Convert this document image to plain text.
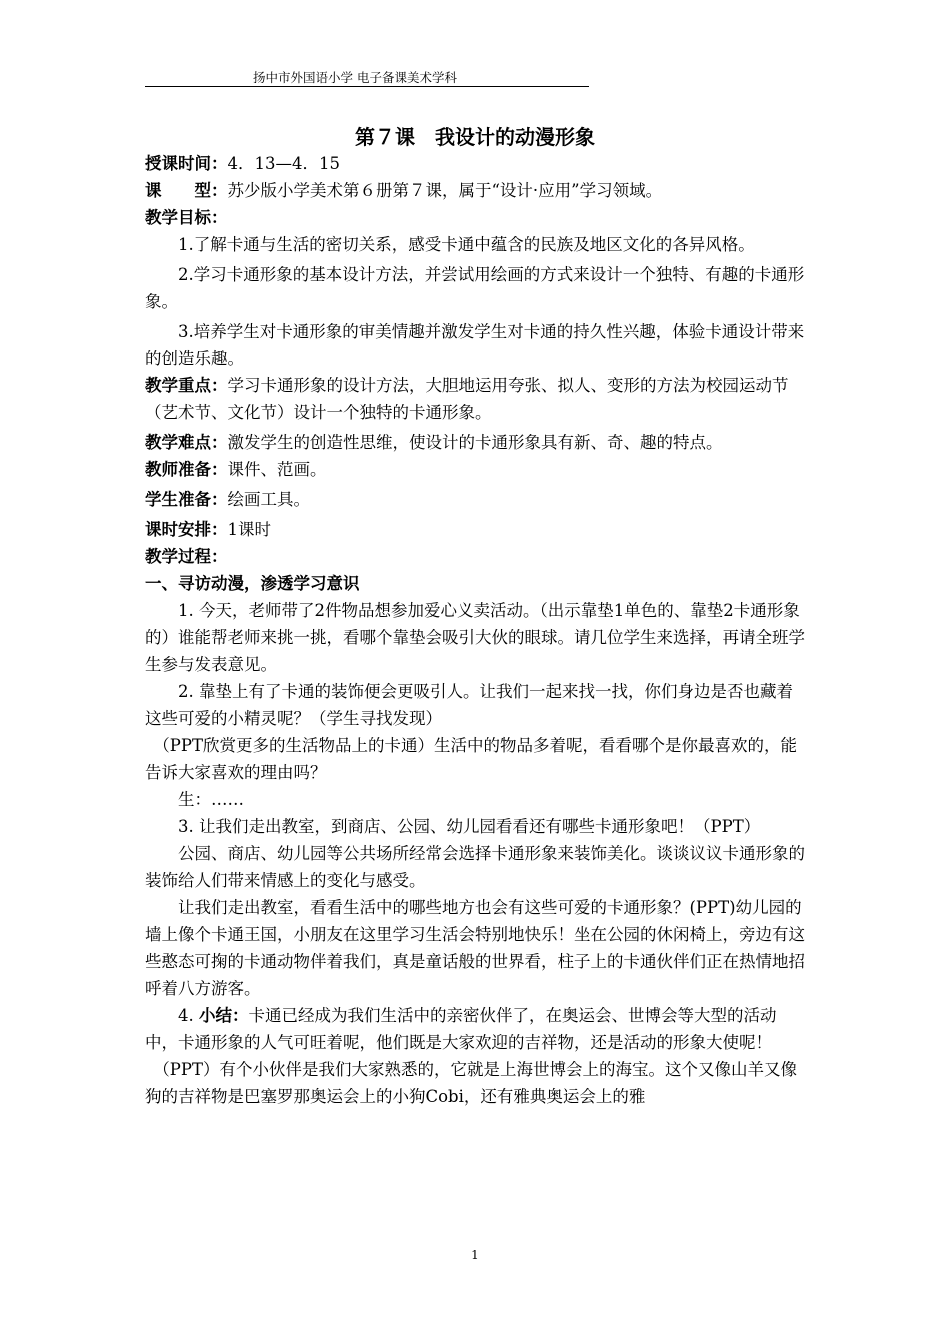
扬中市外国语小学 电子备课美术学科
第７课　我设计的动漫形象

授课时间：4．13—4．15

课　　型：苏少版小学美术第６册第７课，属于“设计·应用”学习领域。

教学目标：

1.了解卡通与生活的密切关系，感受卡通中蕴含的民族及地区文化的各异风格。

2.学习卡通形象的基本设计方法，并尝试用绘画的方式来设计一个独特、有趣的卡通形象。

3.培养学生对卡通形象的审美情趣并激发学生对卡通的持久性兴趣，体验卡通设计带来的创造乐趣。

教学重点：学习卡通形象的设计方法，大胆地运用夸张、拟人、变形的方法为校园运动节（艺术节、文化节）设计一个独特的卡通形象。

教学难点：激发学生的创造性思维，使设计的卡通形象具有新、奇、趣的特点。

教师准备：课件、范画。

学生准备：绘画工具。

课时安排：1课时

教学过程：

一、寻访动漫，渗透学习意识

1. 今天，老师带了2件物品想参加爱心义卖活动。（出示靠垫1单色的、靠垫2卡通形象的）谁能帮老师来挑一挑，看哪个靠垫会吸引大伙的眼球。请几位学生来选择，再请全班学生参与发表意见。

2. 靠垫上有了卡通的装饰便会更吸引人。让我们一起来找一找，你们身边是否也藏着这些可爱的小精灵呢？（学生寻找发现）

（PPT欣赏更多的生活物品上的卡通）生活中的物品多着呢，看看哪个是你最喜欢的，能告诉大家喜欢的理由吗？

生：……

3. 让我们走出教室，到商店、公园、幼儿园看看还有哪些卡通形象吧！（PPT）

公园、商店、幼儿园等公共场所经常会选择卡通形象来装饰美化。谈谈议议卡通形象的装饰给人们带来情感上的变化与感受。

让我们走出教室，看看生活中的哪些地方也会有这些可爱的卡通形象？(PPT)幼儿园的墙上像个卡通王国，小朋友在这里学习生活会特别地快乐！坐在公园的休闲椅上，旁边有这些憨态可掬的卡通动物伴着我们，真是童话般的世界看，柱子上的卡通伙伴们正在热情地招呼着八方游客。

4. 小结：卡通已经成为我们生活中的亲密伙伴了，在奥运会、世博会等大型的活动中，卡通形象的人气可旺着呢，他们既是大家欢迎的吉祥物，还是活动的形象大使呢！

（PPT）有个小伙伴是我们大家熟悉的，它就是上海世博会上的海宝。这个又像山羊又像狗的吉祥物是巴塞罗那奥运会上的小狗Cobi，还有雅典奥运会上的雅

1
